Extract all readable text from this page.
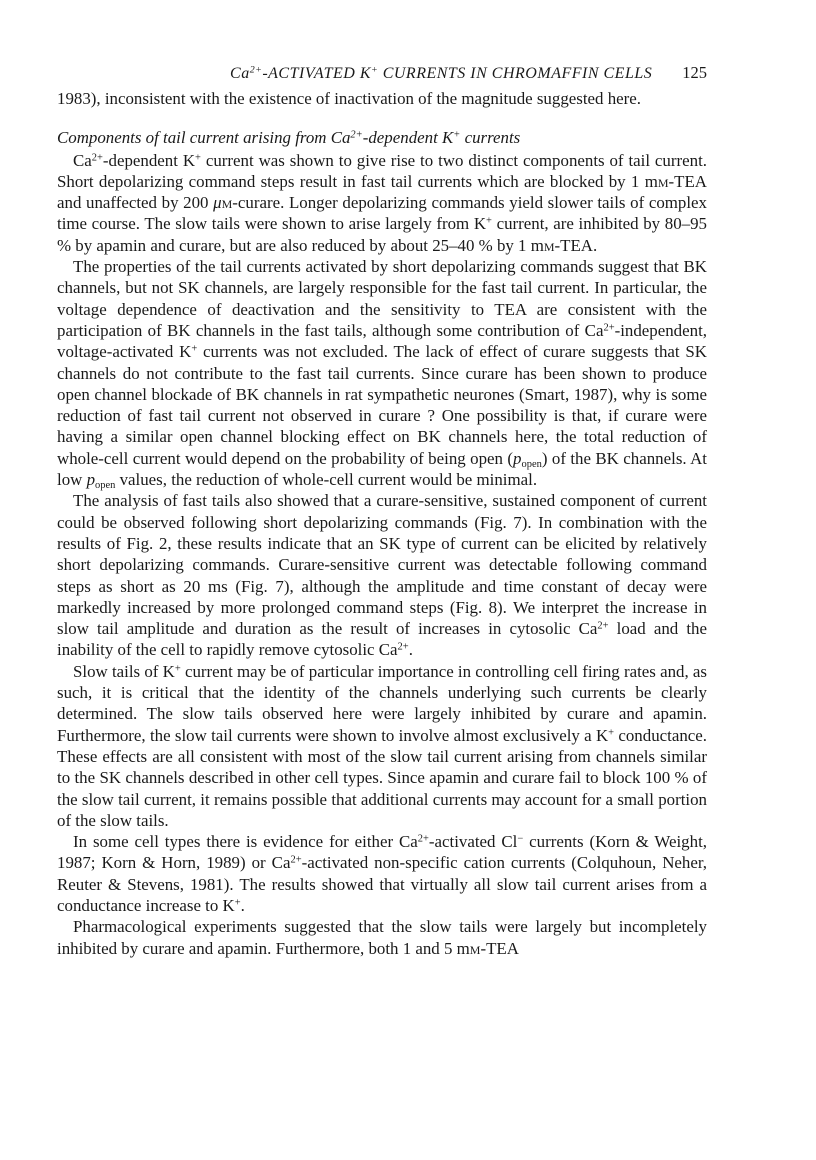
$Ca^{2+}$-ACTIVATED K+ CURRENTS IN CHROMAFFIN CELLS 125

1983), inconsistent with the existence of inactivation of the magnitude suggested here.

Components of tail current arising from $Ca^{2+}$-dependent K+ currents

$Ca^{2+}$-dependent K+ current was shown to give rise to two distinct components of tail current. Short depolarizing command steps result in fast tail currents which are blocked by 1 mm-TEA and unaffected by 200 μm-curare. Longer depolarizing commands yield slower tails of complex time course. The slow tails were shown to arise largely from K+ current, are inhibited by 80–95 % by apamin and curare, but are also reduced by about 25–40 % by 1 mm-TEA.

The properties of the tail currents activated by short depolarizing commands suggest that BK channels, but not SK channels, are largely responsible for the fast tail current. In particular, the voltage dependence of deactivation and the sensitivity to TEA are consistent with the participation of BK channels in the fast tails, although some contribution of $Ca^{2+}$-independent, voltage-activated K+ currents was not excluded. The lack of effect of curare suggests that SK channels do not contribute to the fast tail currents. Since curare has been shown to produce open channel blockade of BK channels in rat sympathetic neurones (Smart, 1987), why is some reduction of fast tail current not observed in curare ? One possibility is that, if curare were having a similar open channel blocking effect on BK channels here, the total reduction of whole-cell current would depend on the probability of being open $(p_{open})$ of the BK channels. At low $p_{open}$ values, the reduction of whole-cell current would be minimal.

The analysis of fast tails also showed that a curare-sensitive, sustained component of current could be observed following short depolarizing commands (Fig. 7). In combination with the results of Fig. 2, these results indicate that an SK type of current can be elicited by relatively short depolarizing commands. Curare-sensitive current was detectable following command steps as short as 20 ms (Fig. 7), although the amplitude and time constant of decay were markedly increased by more prolonged command steps (Fig. 8). We interpret the increase in slow tail amplitude and duration as the result of increases in cytosolic $Ca^{2+}$ load and the inability of the cell to rapidly remove cytosolic $Ca^{2+}$.

Slow tails of K+ current may be of particular importance in controlling cell firing rates and, as such, it is critical that the identity of the channels underlying such currents be clearly determined. The slow tails observed here were largely inhibited by curare and apamin. Furthermore, the slow tail currents were shown to involve almost exclusively a K+ conductance. These effects are all consistent with most of the slow tail current arising from channels similar to the SK channels described in other cell types. Since apamin and curare fail to block 100 % of the slow tail current, it remains possible that additional currents may account for a small portion of the slow tails.

In some cell types there is evidence for either $Ca^{2+}$-activated Cl− currents (Korn & Weight, 1987; Korn & Horn, 1989) or $Ca^{2+}$-activated non-specific cation currents (Colquhoun, Neher, Reuter & Stevens, 1981). The results showed that virtually all slow tail current arises from a conductance increase to K+.

Pharmacological experiments suggested that the slow tails were largely but incompletely inhibited by curare and apamin. Furthermore, both 1 and 5 mm-TEA
